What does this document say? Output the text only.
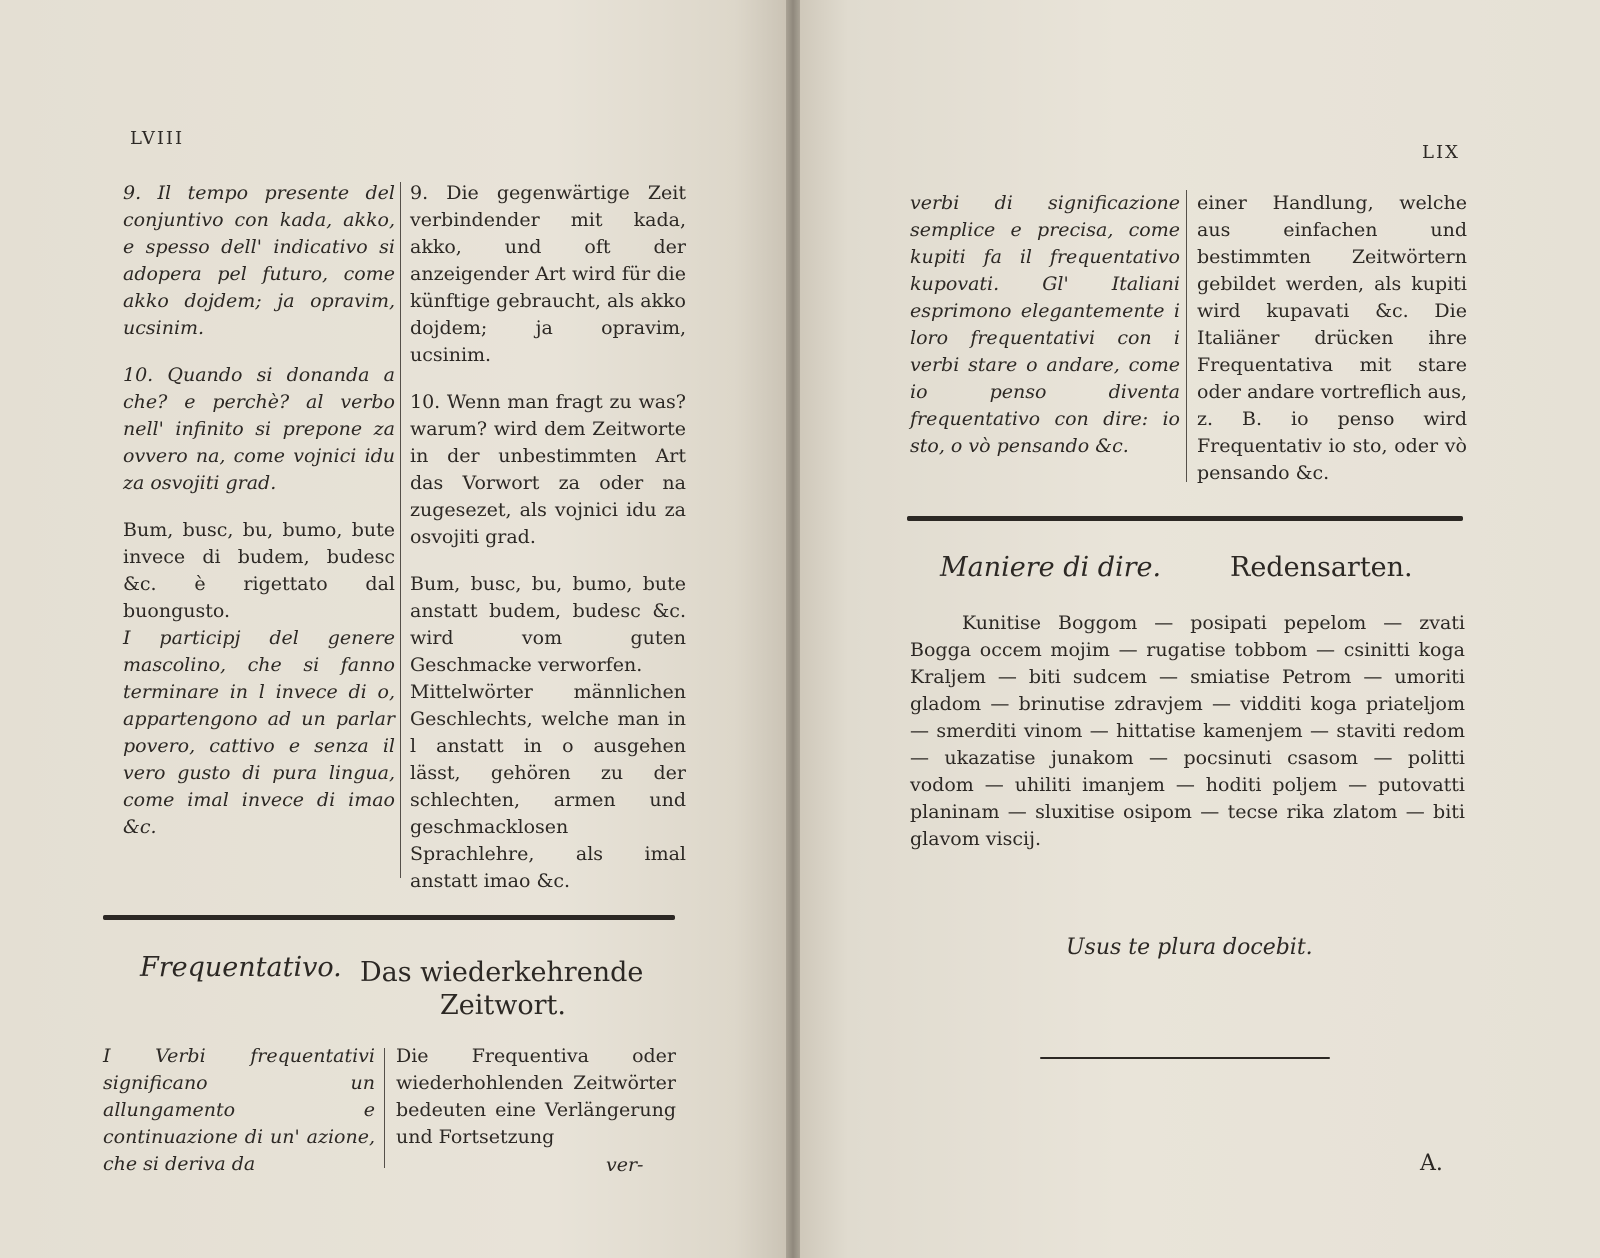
LVIII

9. Il tempo presente del conjuntivo con kada, akko, e spesso dell' indicativo si adopera pel futuro, come akko dojdem; ja opravim, ucsinim.

10. Quando si donanda a che? e perchè? al verbo nell' infinito si prepone za ovvero na, come vojnici idu za osvojiti grad.

Bum, busc, bu, bumo, bute invece di budem, budesc &c. è rigettato dal buongusto.

I participj del genere mascolino, che si fanno terminare in l invece di o, appartengono ad un parlar povero, cattivo e senza il vero gusto di pura lingua, come imal invece di imao &c.

9. Die gegenwärtige Zeit verbindender mit kada, akko, und oft der anzeigender Art wird für die künftige gebraucht, als akko dojdem; ja opravim, ucsinim.

10. Wenn man fragt zu was? warum? wird dem Zeitworte in der unbestimmten Art das Vorwort za oder na zugesezet, als vojnici idu za osvojiti grad.

Bum, busc, bu, bumo, bute anstatt budem, budesc &c. wird vom guten Geschmacke verworfen.

Mittelwörter männlichen Geschlechts, welche man in l anstatt in o ausgehen lässt, gehören zu der schlechten, armen und geschmacklosen Sprachlehre, als imal anstatt imao &c.

Frequentativo. Das wiederkehrende
Zeitwort.

I Verbi frequentativi significano un allungamento e continuazione di un' azione, che si deriva da

Die Frequentiva oder wiederhohlenden Zeitwörter bedeuten eine Verlängerung und Fortsetzung

ver-
LIX

verbi di significazione semplice e precisa, come kupiti fa il frequentativo kupovati. Gl' Italiani esprimono elegantemente i loro frequentativi con i verbi stare o andare, come io penso diventa frequentativo con dire: io sto, o vò pensando &c.

einer Handlung, welche aus einfachen und bestimmten Zeitwörtern gebildet werden, als kupiti wird kupavati &c. Die Italiäner drücken ihre Frequentativa mit stare oder andare vortreflich aus, z. B. io penso wird Frequentativ io sto, oder vò pensando &c.

Maniere di dire.	Redensarten.
Kunitise Boggom — posipati pepelom — zvati Bogga occem mojim — rugatise tobbom — csinitti koga Kraljem — biti sudcem — smiatise Petrom — umoriti gladom — brinutise zdravjem — vidditi koga priateljom — smerditi vinom — hittatise kamenjem — staviti redom — ukazatise junakom — pocsinuti csasom — politti vodom — uhiliti imanjem — hoditi poljem — putovatti planinam — sluxitise osipom — tecse rika zlatom — biti glavom viscij.
Usus te plura docebit.
A.
